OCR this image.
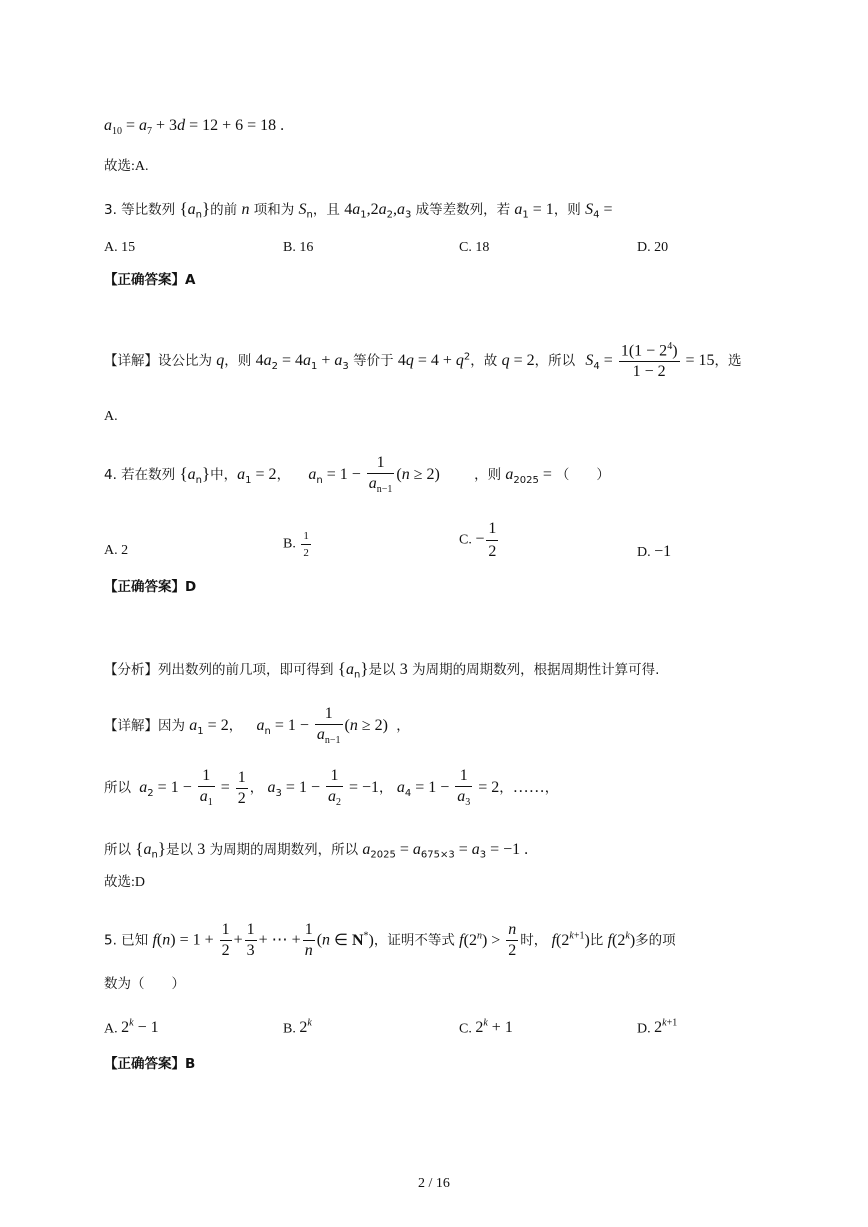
$a_{10} = a_7 + 3d = 12 + 6 = 18$ .
故选:A.
3. 等比数列 $\{a_n\}$的前 n 项和为 $S_n$，且 $4a_1,2a_2,a_3$ 成等差数列，若 $a_1 = 1$，则 $S_4$ =
A. 15	B. 16	C. 18	D. 20
【正确答案】A
【详解】设公比为 q，则 $4a_2 = 4a_1 + a_3$ 等价于 $4q = 4 + q^2$，故 q = 2，所以 $S_4 = \frac{1(1 - 2^4)}{1 - 2} = 15$，选
A.
4. 若在数列 $\{a_n\}$中，$a_1 = 2$， $a_n = 1 - \frac{1}{a_{n-1}} (n \ge 2)$	，则 $a_{2025}$ = （　　）
A. 2	B. $\frac{1}{2}$	C. − $\frac{1}{2}$	D. −1
【正确答案】D
【分析】列出数列的前几项，即可得到 $\{a_n\}$是以 3 为周期的周期数列，根据周期性计算可得.
【详解】因为 $a_1 = 2$， $a_n = 1 - \frac{1}{a_{n-1}} (n \ge 2)$ ，
所以 $a_2 = 1 - \frac{1}{a_1} = \frac{1}{2}$ ， $a_3 = 1 - \frac{1}{a_2} = -1$， $a_4 = 1 - \frac{1}{a_3} = 2$，……，
所以 $\{a_n\}$是以 3 为周期的周期数列，所以 $a_{2025} = a_{675\times 3} = a_3 = -1$ .
故选:D
5. 已知 $f(n) = 1 + \frac{1}{2} + \frac{1}{3}$ + ⋯ + $\frac{1}{n} (n$ ∈ N*)，证明不等式 $f(2^n) > \frac{n}{2}$ 时， $f(2^{k+1})$比 f(2$^k$)多的项
数为（　　）
A. $2^k - 1$	B. 2$^k$	C. $2^k + 1$	D. $2^{k+1}$
【正确答案】B
2 / 16
